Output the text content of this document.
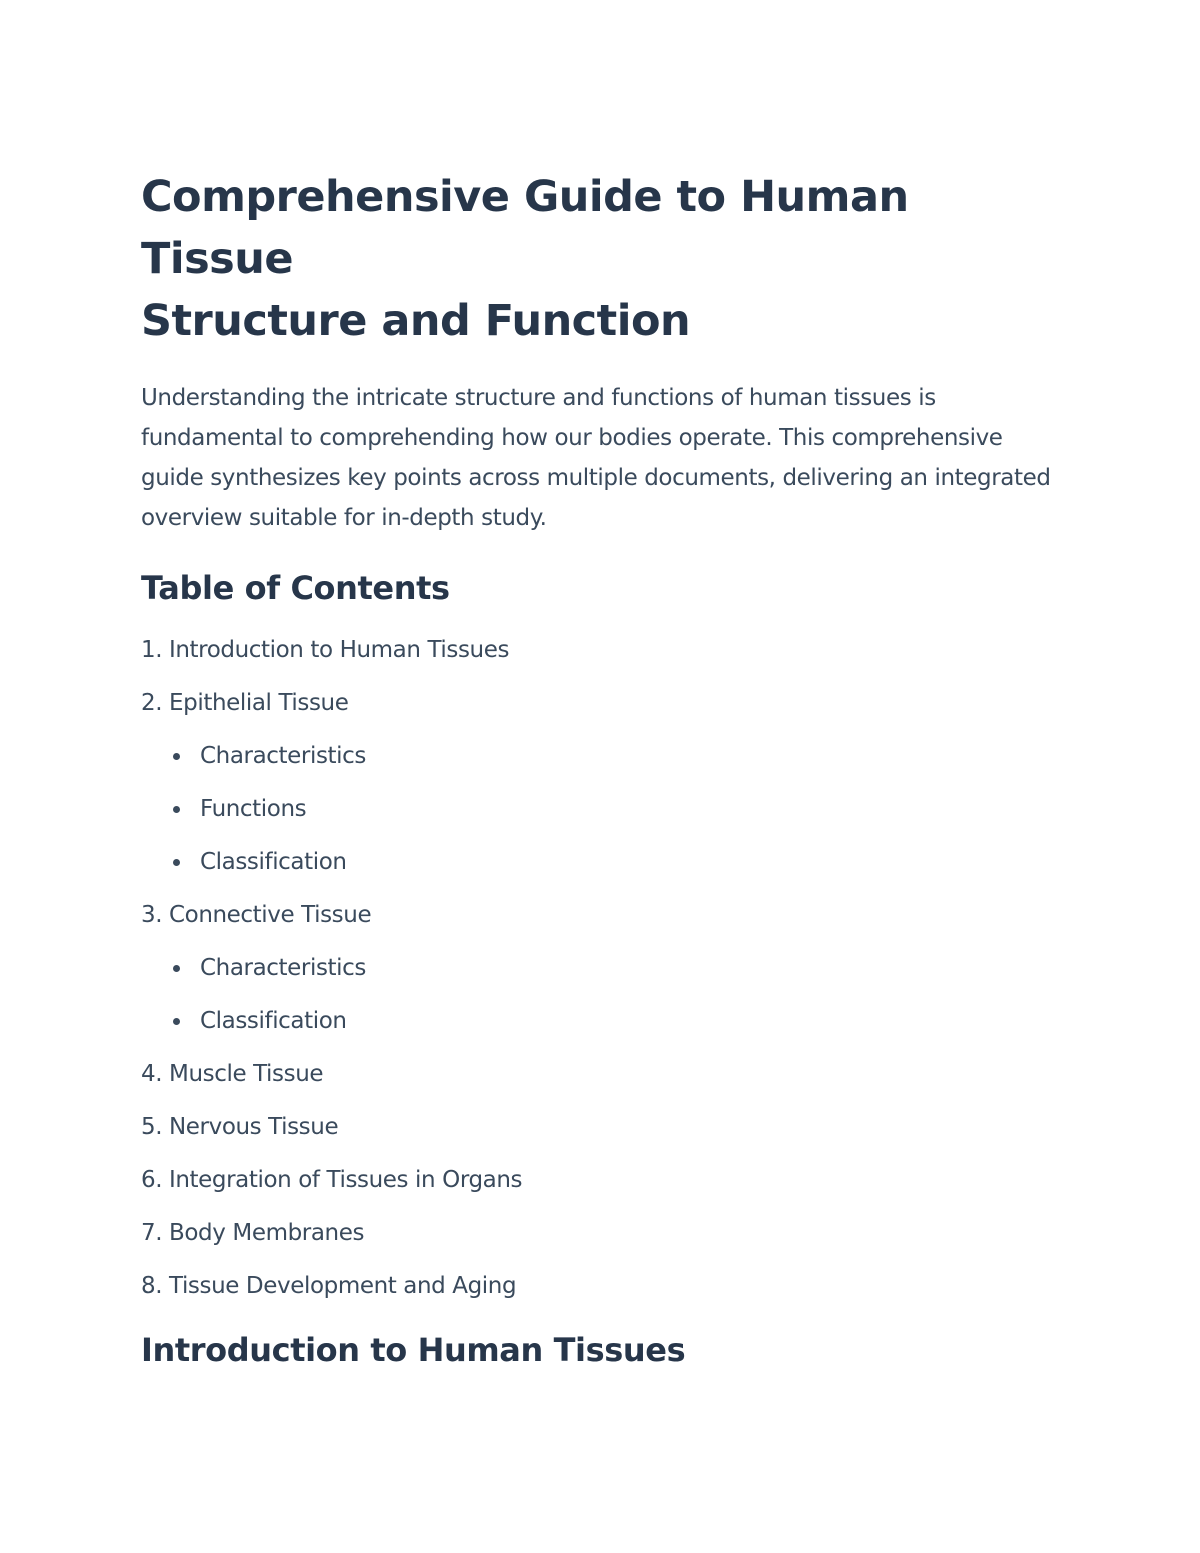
Comprehensive Guide to Human Tissue
Structure and Function

Understanding the intricate structure and functions of human tissues is fundamental to comprehending how our bodies operate. This comprehensive guide synthesizes key points across multiple documents, delivering an integrated overview suitable for in-depth study.

Table of Contents
1. Introduction to Human Tissues
2. Epithelial Tissue
Characteristics
Functions
Classification
3. Connective Tissue
Characteristics
Classification
4. Muscle Tissue
5. Nervous Tissue
6. Integration of Tissues in Organs
7. Body Membranes
8. Tissue Development and Aging
Introduction to Human Tissues
